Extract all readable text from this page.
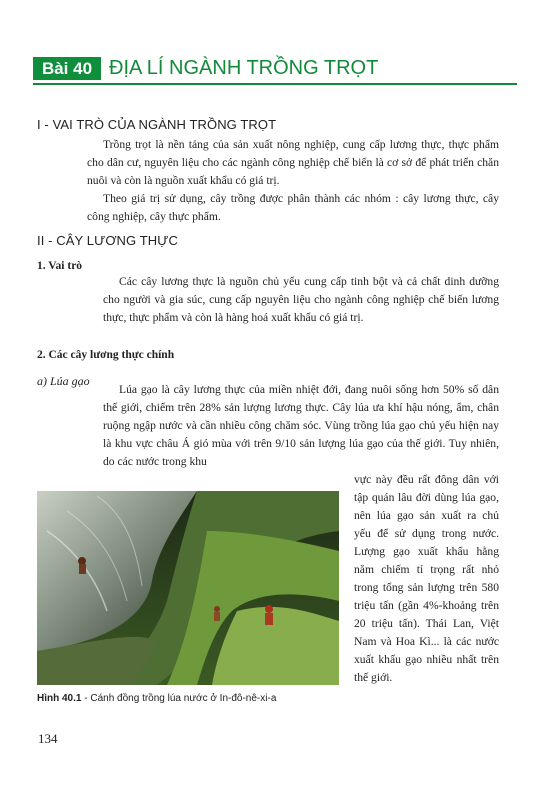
Bài 40 ĐỊA LÍ NGÀNH TRỒNG TRỌT
I - VAI TRÒ CỦA NGÀNH TRỒNG TRỌT

Trồng trọt là nền tảng của sản xuất nông nghiệp, cung cấp lương thực, thực phẩm cho dân cư, nguyên liệu cho các ngành công nghiệp chế biến là cơ sở để phát triển chăn nuôi và còn là nguồn xuất khẩu có giá trị.

Theo giá trị sử dụng, cây trồng được phân thành các nhóm : cây lương thực, cây công nghiệp, cây thực phẩm.

II - CÂY LƯƠNG THỰC
1. Vai trò

Các cây lương thực là nguồn chủ yếu cung cấp tinh bột và cả chất dinh dưỡng cho người và gia súc, cung cấp nguyên liệu cho ngành công nghiệp chế biến lương thực, thực phẩm và còn là hàng hoá xuất khẩu có giá trị.

2. Các cây lương thực chính
a) Lúa gạo

Lúa gạo là cây lương thực của miền nhiệt đới, đang nuôi sống hơn 50% số dân thế giới, chiếm trên 28% sản lượng lương thực. Cây lúa ưa khí hậu nóng, ẩm, chân ruộng ngập nước và cần nhiều công chăm sóc. Vùng trồng lúa gạo chủ yếu hiện nay là khu vực châu Á gió mùa với trên 9/10 sản lượng lúa gạo của thế giới. Tuy nhiên, do các nước trong khu

vực này đều rất đông dân với tập quán lâu đời dùng lúa gạo, nên lúa gạo sản xuất ra chủ yếu để sử dụng trong nước. Lượng gạo xuất khẩu hằng năm chiếm tỉ trọng rất nhỏ trong tổng sản lượng trên 580 triệu tấn (gần 4%-khoảng trên 20 triệu tấn). Thái Lan, Việt Nam và Hoa Kì... là các nước xuất khẩu gạo nhiều nhất trên thế giới.
Hình 40.1 - Cánh đồng trồng lúa nước ở In-đô-nê-xi-a
134
